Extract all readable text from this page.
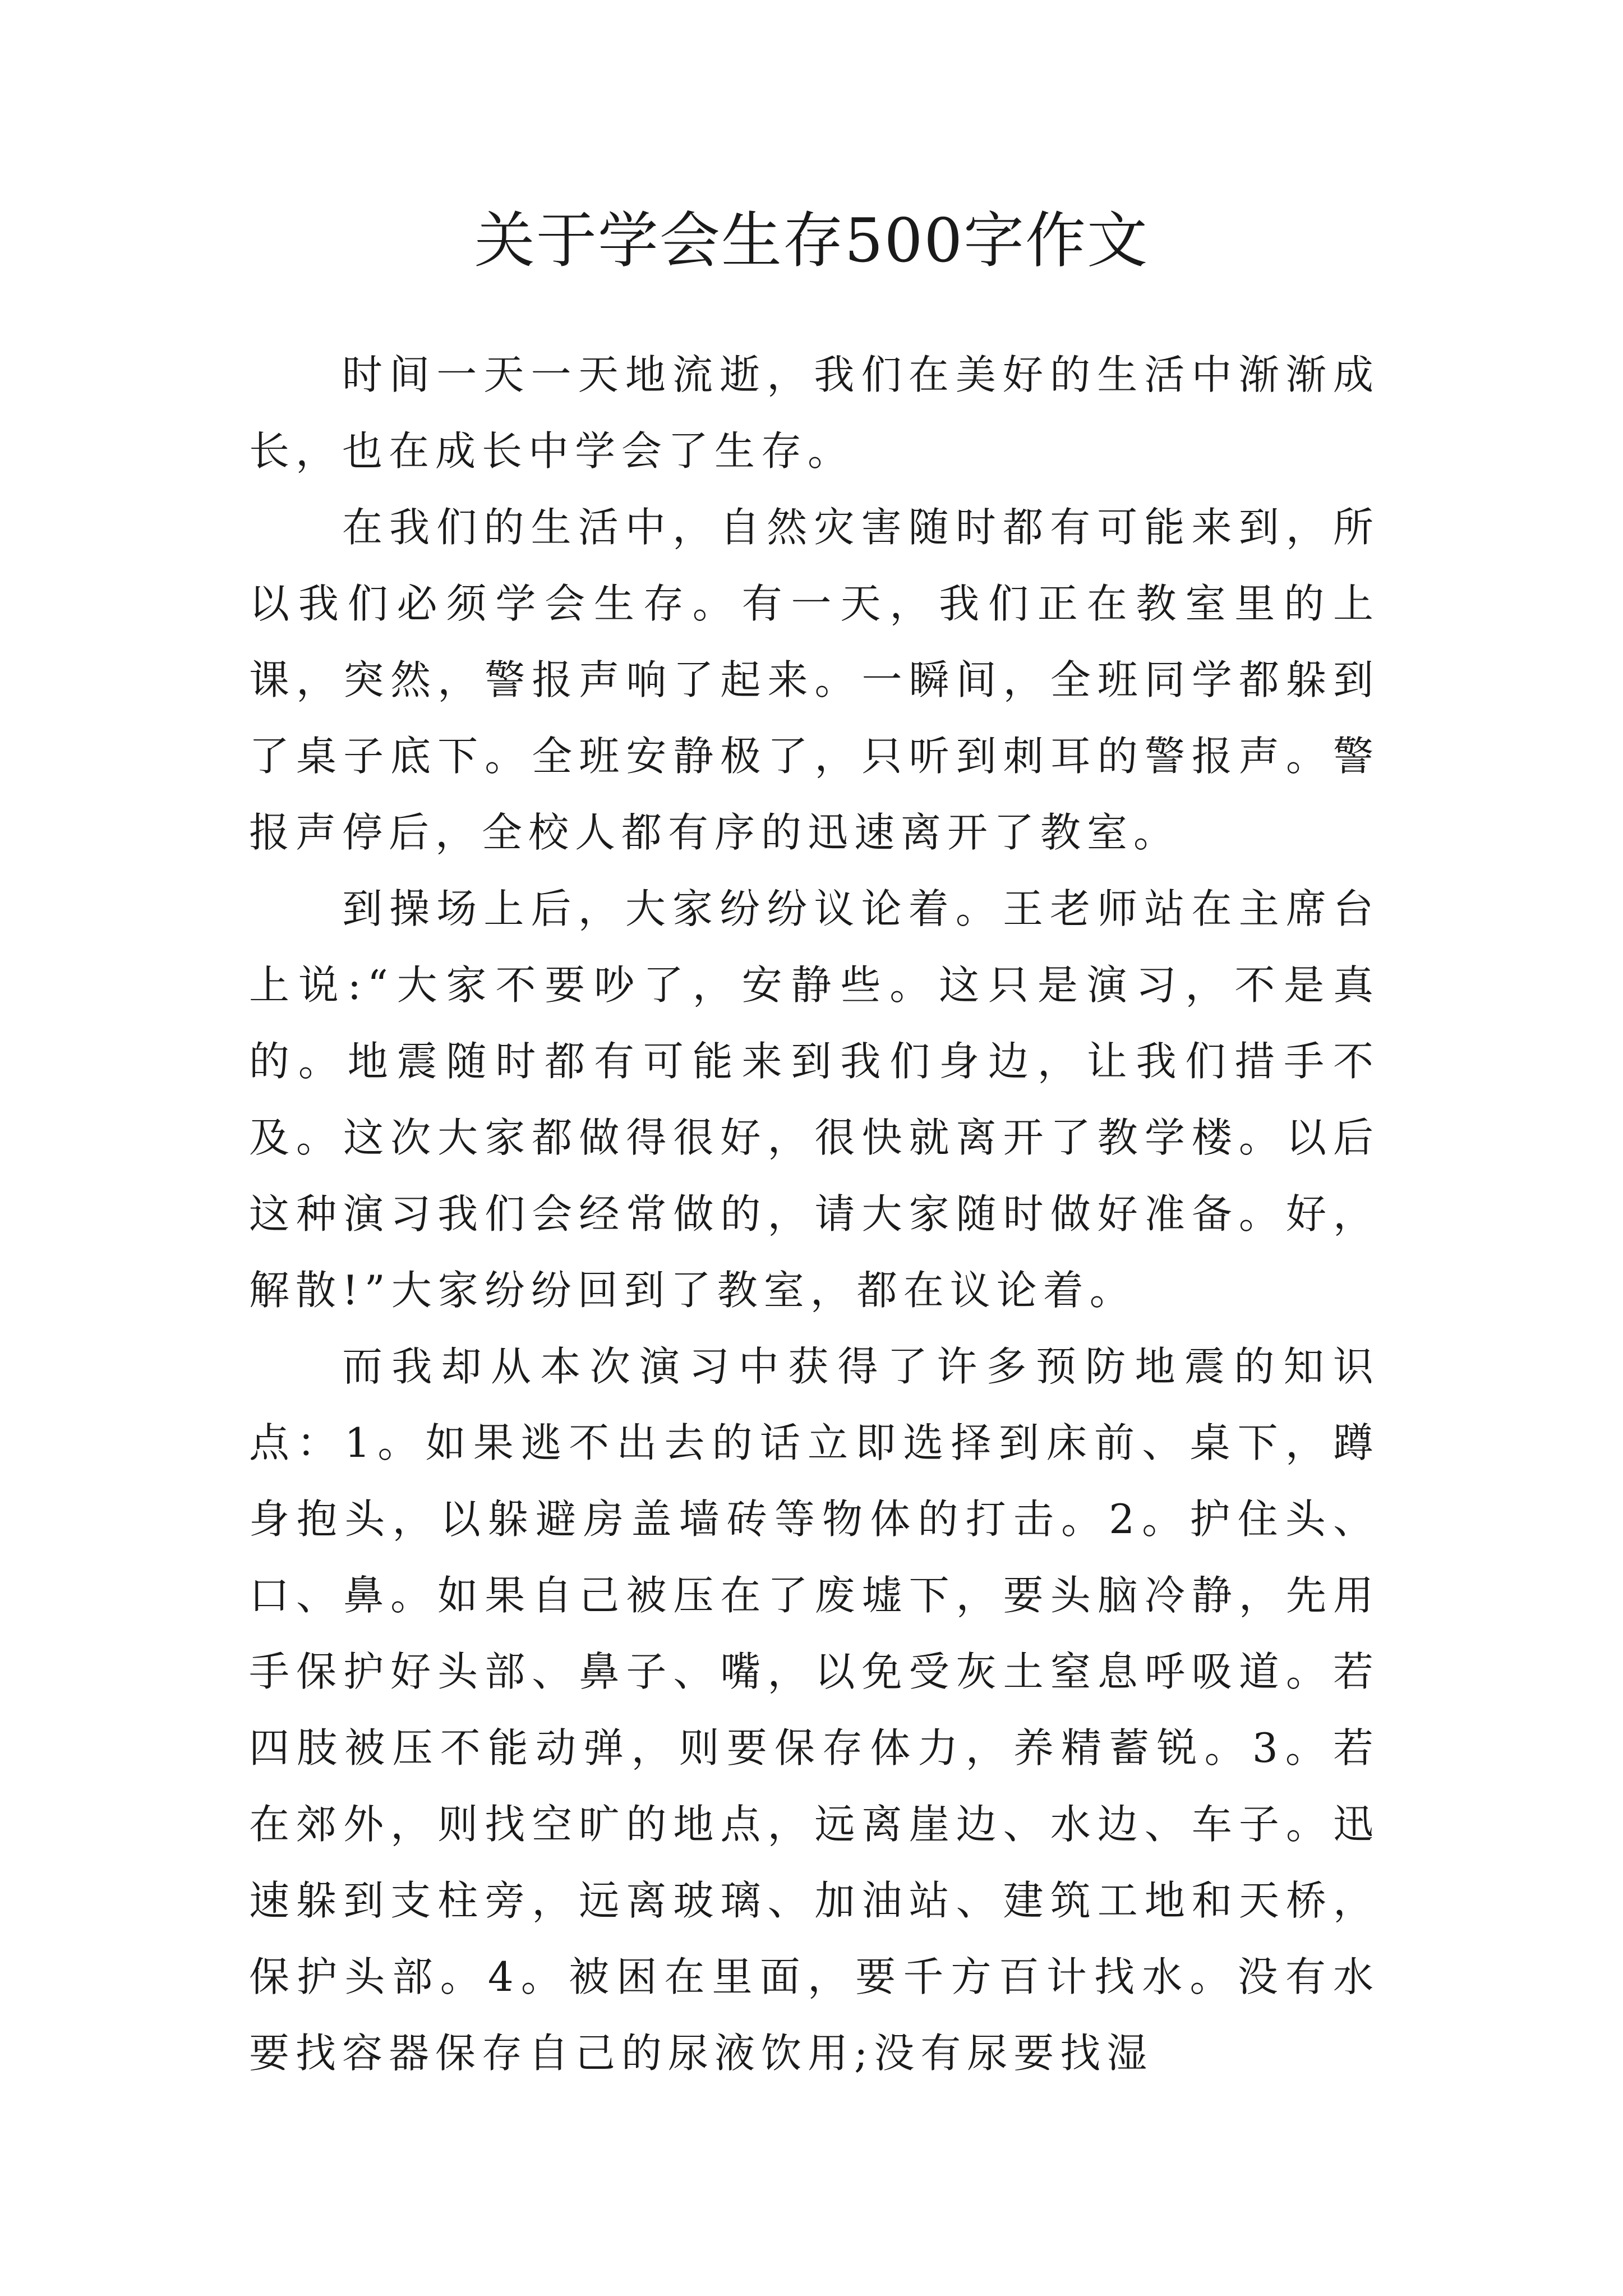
关于学会生存500字作文

时间一天一天地流逝，我们在美好的生活中渐渐成长，也在成长中学会了生存。

在我们的生活中，自然灾害随时都有可能来到，所以我们必须学会生存。有一天，我们正在教室里的上课，突然，警报声响了起来。一瞬间，全班同学都躲到了桌子底下。全班安静极了，只听到刺耳的警报声。警报声停后，全校人都有序的迅速离开了教室。

到操场上后，大家纷纷议论着。王老师站在主席台上说:“大家不要吵了，安静些。这只是演习，不是真的。地震随时都有可能来到我们身边，让我们措手不及。这次大家都做得很好，很快就离开了教学楼。以后这种演习我们会经常做的，请大家随时做好准备。好，解散!”大家纷纷回到了教室，都在议论着。

而我却从本次演习中获得了许多预防地震的知识点：1。如果逃不出去的话立即选择到床前、桌下，蹲身抱头，以躲避房盖墙砖等物体的打击。2。护住头、口、鼻。如果自己被压在了废墟下，要头脑冷静，先用手保护好头部、鼻子、嘴，以免受灰土窒息呼吸道。若四肢被压不能动弹，则要保存体力，养精蓄锐。3。若在郊外，则找空旷的地点，远离崖边、水边、车子。迅速躲到支柱旁，远离玻璃、加油站、建筑工地和天桥，保护头部。4。被困在里面，要千方百计找水。没有水要找容器保存自己的尿液饮用;没有尿要找湿
